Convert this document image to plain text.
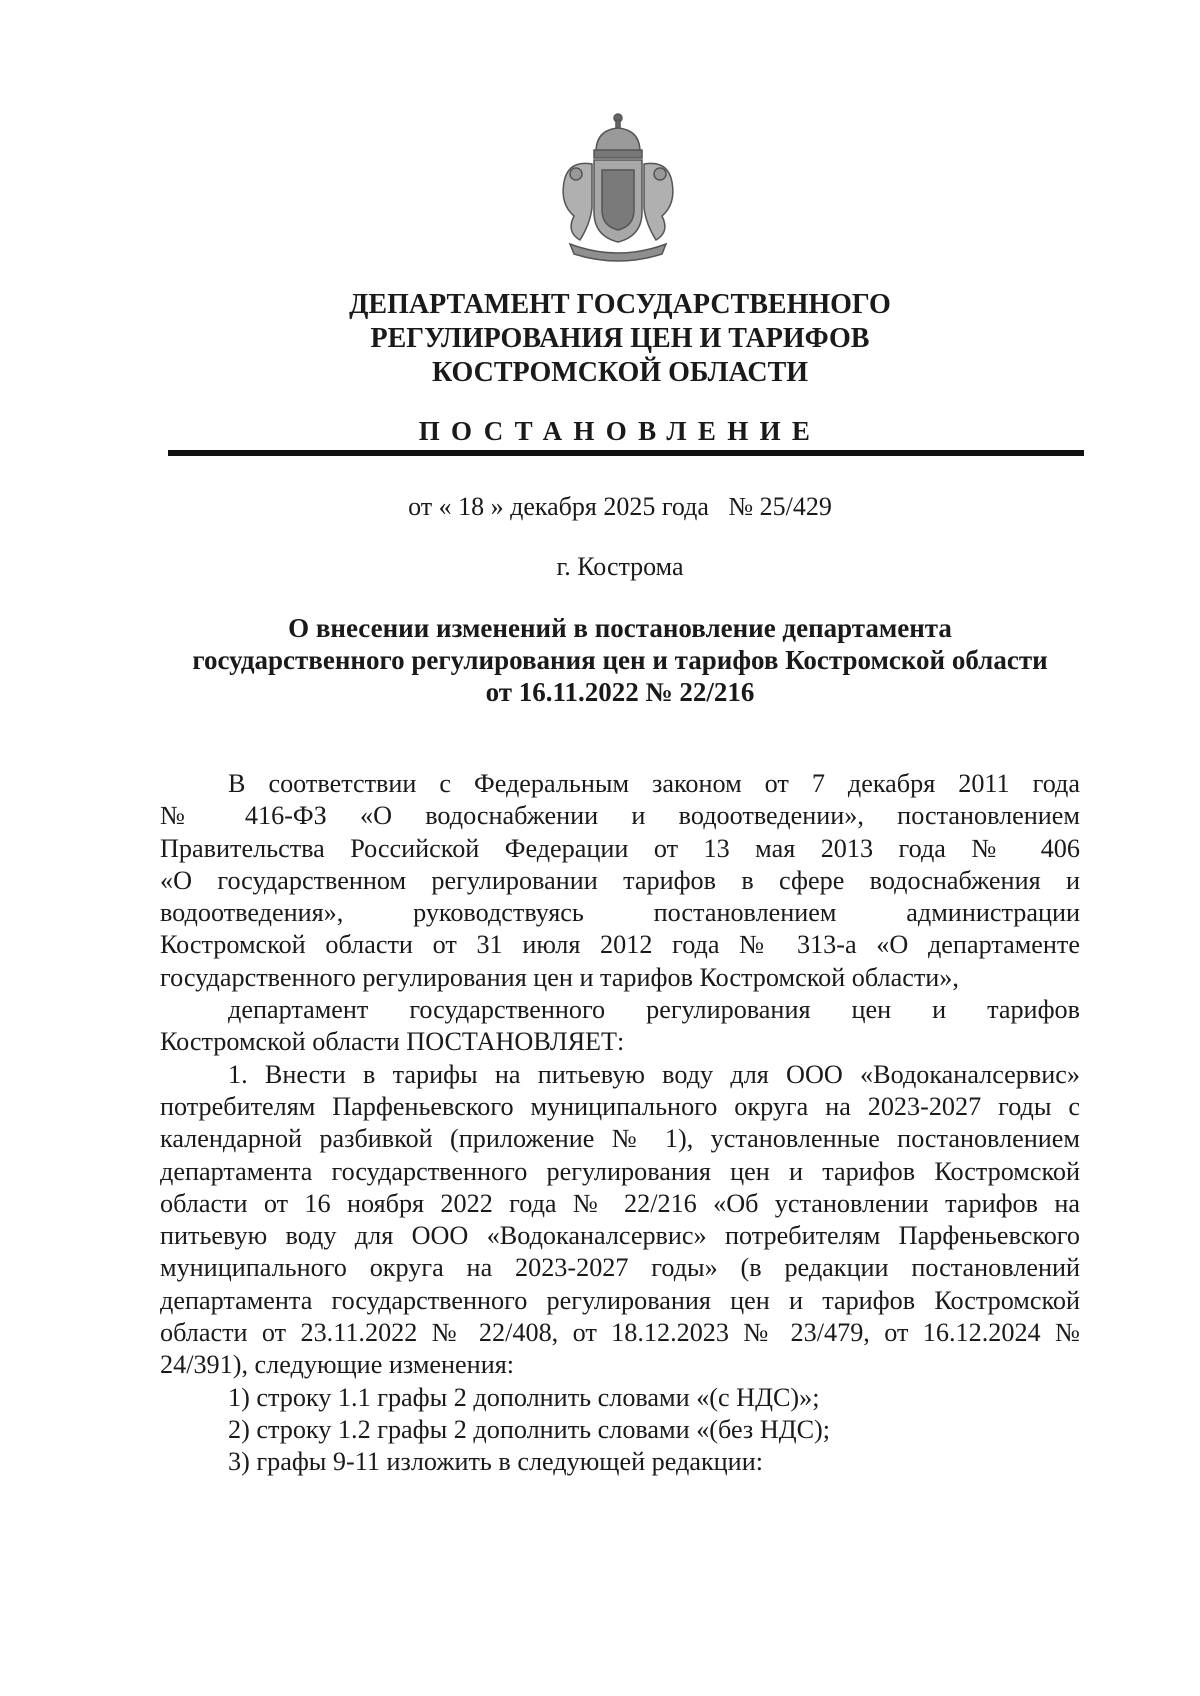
ДЕПАРТАМЕНТ ГОСУДАРСТВЕННОГО
РЕГУЛИРОВАНИЯ ЦЕН И ТАРИФОВ
КОСТРОМСКОЙ ОБЛАСТИ
ПОСТАНОВЛЕНИЕ
от « 18 » декабря 2025 года   № 25/429
г. Кострома
О внесении изменений в постановление департамента
государственного регулирования цен и тарифов Костромской области
от 16.11.2022 № 22/216
В соответствии с Федеральным законом от 7 декабря 2011 года
№ 416-ФЗ «О водоснабжении и водоотведении», постановлением
Правительства Российской Федерации от 13 мая 2013 года № 406
«О государственном регулировании тарифов в сфере водоснабжения и
водоотведения», руководствуясь постановлением администрации
Костромской области от 31 июля 2012 года № 313-а «О департаменте
государственного регулирования цен и тарифов Костромской области»,
департамент государственного регулирования цен и тарифов
Костромской области ПОСТАНОВЛЯЕТ:
1. Внести в тарифы на питьевую воду для ООО «Водоканалсервис»
потребителям Парфеньевского муниципального округа на 2023-2027 годы с
календарной разбивкой (приложение № 1), установленные постановлением
департамента государственного регулирования цен и тарифов Костромской
области от 16 ноября 2022 года № 22/216 «Об установлении тарифов на
питьевую воду для ООО «Водоканалсервис» потребителям Парфеньевского
муниципального округа на 2023-2027 годы» (в редакции постановлений
департамента государственного регулирования цен и тарифов Костромской
области от 23.11.2022 № 22/408, от 18.12.2023 № 23/479, от 16.12.2024 №
24/391), следующие изменения:
1) строку 1.1 графы 2 дополнить словами «(с НДС)»;
2) строку 1.2 графы 2 дополнить словами «(без НДС);
3) графы 9-11 изложить в следующей редакции:
